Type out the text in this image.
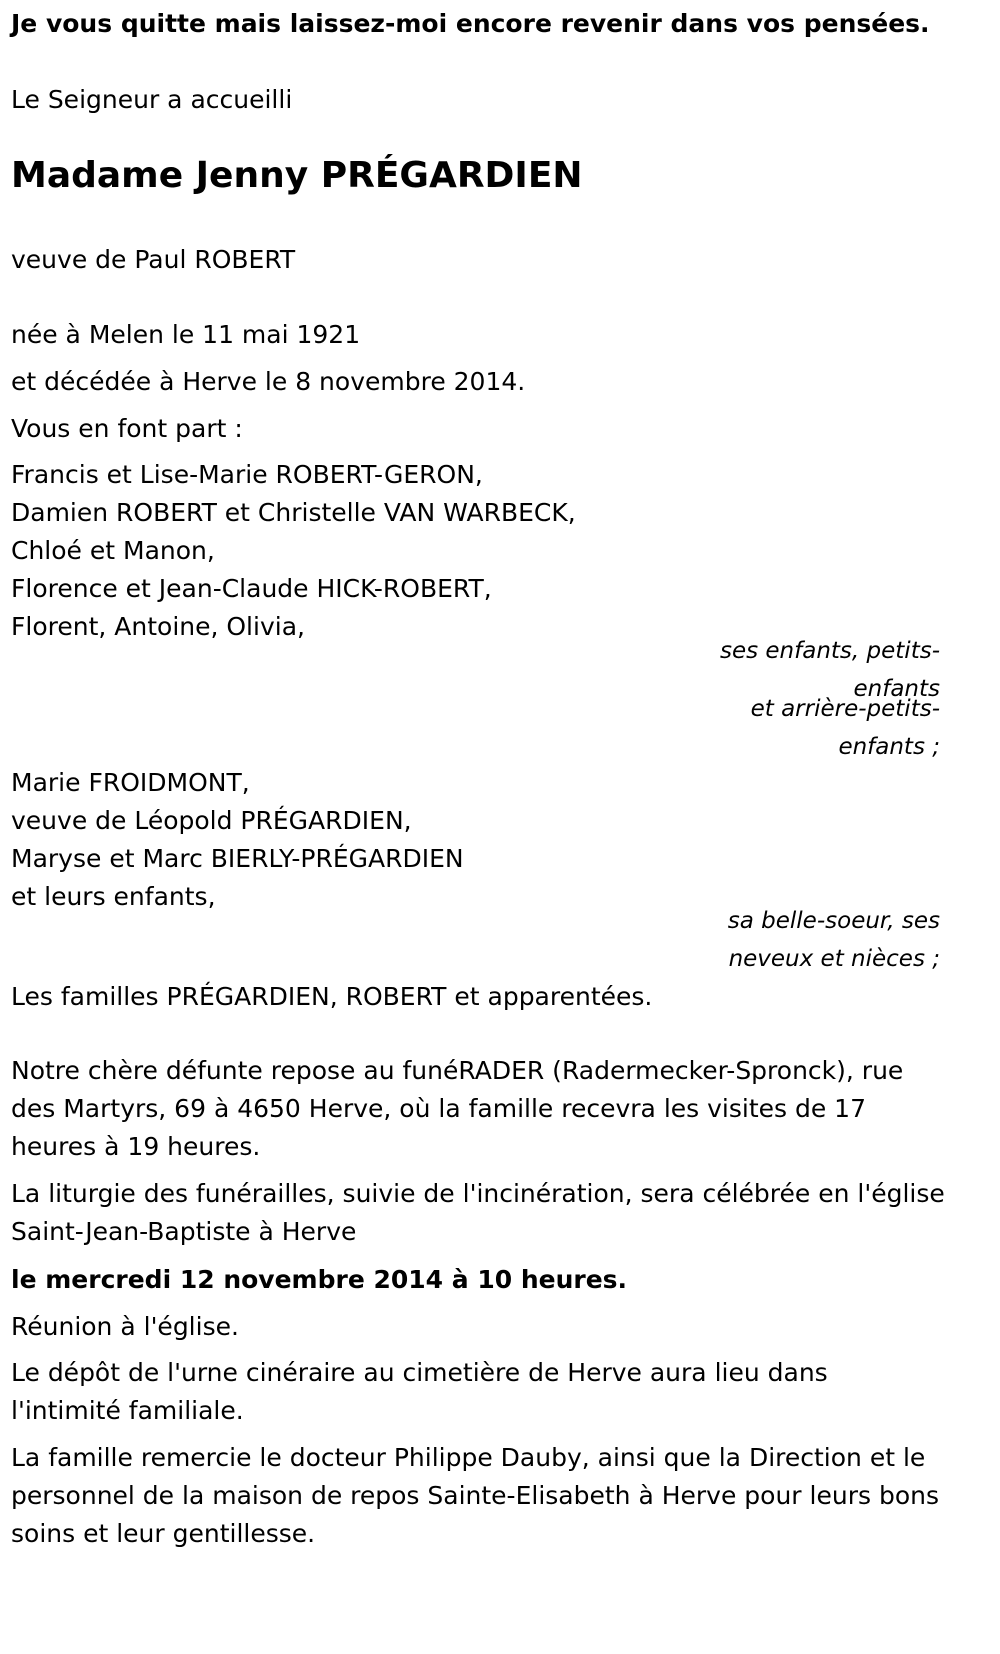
Je vous quitte mais laissez-moi encore revenir dans vos pensées.

Le Seigneur a accueilli

Madame Jenny PRÉGARDIEN

veuve de Paul ROBERT

née à Melen le 11 mai 1921

et décédée à Herve le 8 novembre 2014.

Vous en font part :

Francis et Lise-Marie ROBERT-GERON,

Damien ROBERT et Christelle VAN WARBECK,

Chloé et Manon,

Florence et Jean-Claude HICK-ROBERT,

Florent, Antoine, Olivia,

ses enfants, petits-enfants

et arrière-petits-enfants ;

Marie FROIDMONT,

veuve de Léopold PRÉGARDIEN,

Maryse et Marc BIERLY-PRÉGARDIEN

et leurs enfants,

sa belle-soeur, ses neveux et nièces ;

Les familles PRÉGARDIEN, ROBERT et apparentées.

Notre chère défunte repose au funéRADER (Radermecker-Spronck), rue des Martyrs, 69 à 4650 Herve, où la famille recevra les visites de 17 heures à 19 heures.

La liturgie des funérailles, suivie de l'incinération, sera célébrée en l'église Saint-Jean-Baptiste à Herve

le mercredi 12 novembre 2014 à 10 heures.

Réunion à l'église.

Le dépôt de l'urne cinéraire au cimetière de Herve aura lieu dans l'intimité familiale.

La famille remercie le docteur Philippe Dauby, ainsi que la Direction et le personnel de la maison de repos Sainte-Elisabeth à Herve pour leurs bons soins et leur gentillesse.
